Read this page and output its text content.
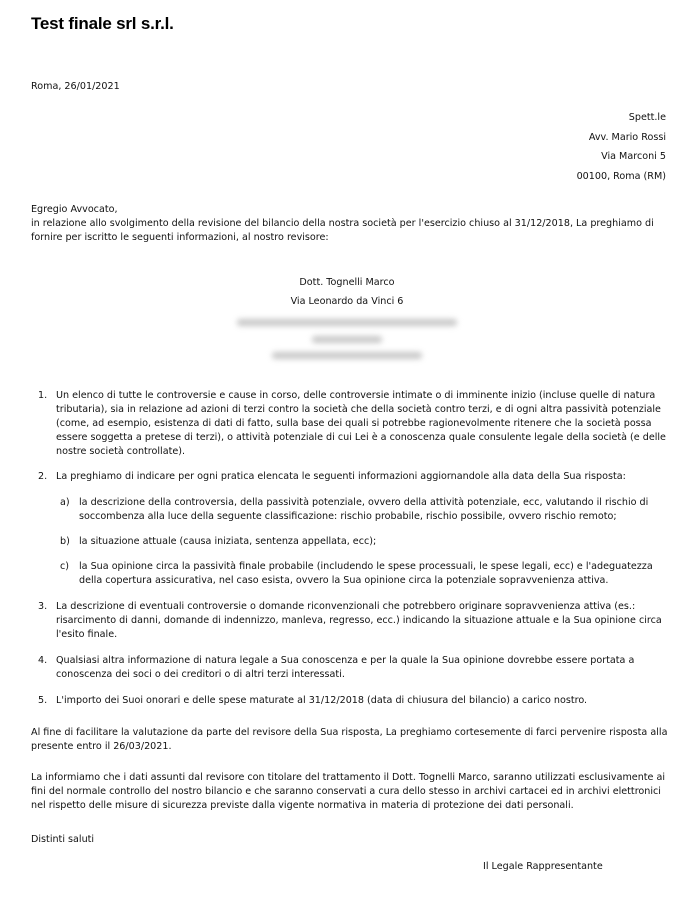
Test finale srl s.r.l.
Roma, 26/01/2021
Spett.le
Avv. Mario Rossi
Via Marconi 5
00100, Roma (RM)
Egregio Avvocato,
in relazione allo svolgimento della revisione del bilancio della nostra società per l'esercizio chiuso al 31/12/2018, La preghiamo di fornire per iscritto le seguenti informazioni, al nostro revisore:
Dott. Tognelli Marco
Via Leonardo da Vinci 6
1. Un elenco di tutte le controversie e cause in corso, delle controversie intimate o di imminente inizio (incluse quelle di natura tributaria), sia in relazione ad azioni di terzi contro la società che della società contro terzi, e di ogni altra passività potenziale (come, ad esempio, esistenza di dati di fatto, sulla base dei quali si potrebbe ragionevolmente ritenere che la società possa essere soggetta a pretese di terzi), o attività potenziale di cui Lei è a conoscenza quale consulente legale della società (e delle nostre società controllate).
2. La preghiamo di indicare per ogni pratica elencata le seguenti informazioni aggiornandole alla data della Sua risposta:
a) la descrizione della controversia, della passività potenziale, ovvero della attività potenziale, ecc, valutando il rischio di soccombenza alla luce della seguente classificazione: rischio probabile, rischio possibile, ovvero rischio remoto;
b) la situazione attuale (causa iniziata, sentenza appellata, ecc);
c) la Sua opinione circa la passività finale probabile (includendo le spese processuali, le spese legali, ecc) e l'adeguatezza della copertura assicurativa, nel caso esista, ovvero la Sua opinione circa la potenziale sopravvenienza attiva.
3. La descrizione di eventuali controversie o domande riconvenzionali che potrebbero originare sopravvenienza attiva (es.: risarcimento di danni, domande di indennizzo, manleva, regresso, ecc.) indicando la situazione attuale e la Sua opinione circa l'esito finale.
4. Qualsiasi altra informazione di natura legale a Sua conoscenza e per la quale la Sua opinione dovrebbe essere portata a conoscenza dei soci o dei creditori o di altri terzi interessati.
5. L'importo dei Suoi onorari e delle spese maturate al 31/12/2018 (data di chiusura del bilancio) a carico nostro.
Al fine di facilitare la valutazione da parte del revisore della Sua risposta, La preghiamo cortesemente di farci pervenire risposta alla presente entro il 26/03/2021.
La informiamo che i dati assunti dal revisore con titolare del trattamento il Dott. Tognelli Marco, saranno utilizzati esclusivamente ai fini del normale controllo del nostro bilancio e che saranno conservati a cura dello stesso in archivi cartacei ed in archivi elettronici nel rispetto delle misure di sicurezza previste dalla vigente normativa in materia di protezione dei dati personali.
Distinti saluti
Il Legale Rappresentante
